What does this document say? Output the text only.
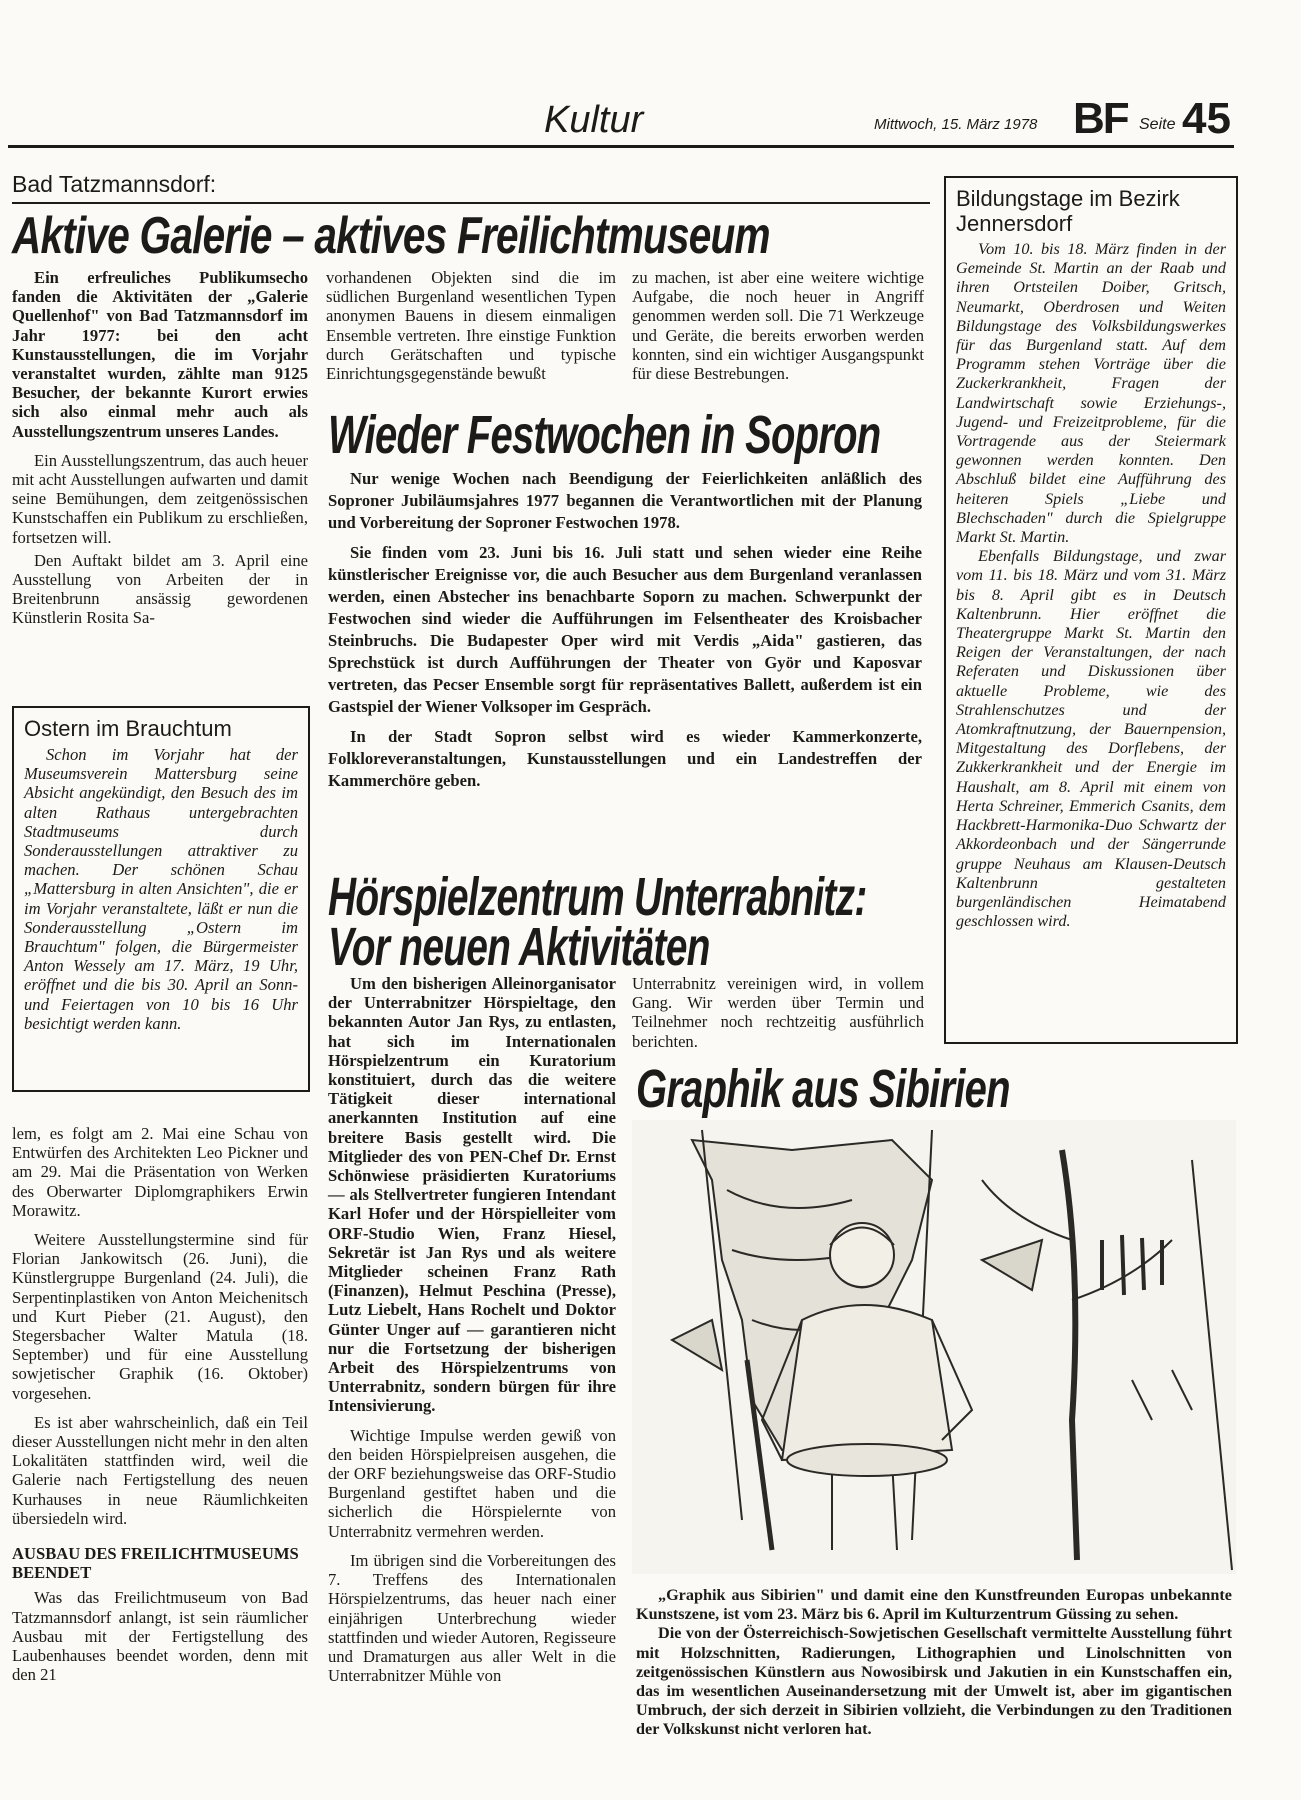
Kultur	Mittwoch, 15. März 1978 BF Seite 45
Bad Tatzmannsdorf:
Aktive Galerie – aktives Freilichtmuseum

Ein erfreuliches Publikumsecho fanden die Aktivitäten der „Galerie Quellenhof" von Bad Tatzmannsdorf im Jahr 1977: bei den acht Kunstausstellungen, die im Vorjahr veranstaltet wurden, zählte man 9125 Besucher, der bekannte Kurort erwies sich also einmal mehr auch als Ausstellungszentrum unseres Landes.

Ein Ausstellungszentrum, das auch heuer mit acht Ausstellungen aufwarten und damit seine Bemühungen, dem zeitgenössischen Kunstschaffen ein Publikum zu erschließen, fortsetzen will.

Den Auftakt bildet am 3. April eine Ausstellung von Arbeiten der in Breitenbrunn ansässig gewordenen Künstlerin Rosita Sa-

vorhandenen Objekten sind die im südlichen Burgenland wesentlichen Typen anonymen Bauens in diesem einmaligen Ensemble vertreten. Ihre einstige Funktion durch Gerätschaften und typische Einrichtungsgegenstände bewußt

zu machen, ist aber eine weitere wichtige Aufgabe, die noch heuer in Angriff genommen werden soll. Die 71 Werkzeuge und Geräte, die bereits erworben werden konnten, sind ein wichtiger Ausgangspunkt für diese Bestrebungen.

Ostern im Brauchtum

Schon im Vorjahr hat der Museumsverein Mattersburg seine Absicht angekündigt, den Besuch des im alten Rathaus untergebrachten Stadtmuseums durch Sonderausstellungen attraktiver zu machen. Der schönen Schau „Mattersburg in alten Ansichten", die er im Vorjahr veranstaltete, läßt er nun die Sonderausstellung „Ostern im Brauchtum" folgen, die Bürgermeister Anton Wessely am 17. März, 19 Uhr, eröffnet und die bis 30. April an Sonn- und Feiertagen von 10 bis 16 Uhr besichtigt werden kann.

lem, es folgt am 2. Mai eine Schau von Entwürfen des Architekten Leo Pickner und am 29. Mai die Präsentation von Werken des Oberwarter Diplomgraphikers Erwin Morawitz.

Weitere Ausstellungstermine sind für Florian Jankowitsch (26. Juni), die Künstlergruppe Burgenland (24. Juli), die Serpentinplastiken von Anton Meichenitsch und Kurt Pieber (21. August), den Stegersbacher Walter Matula (18. September) und für eine Ausstellung sowjetischer Graphik (16. Oktober) vorgesehen.

Es ist aber wahrscheinlich, daß ein Teil dieser Ausstellungen nicht mehr in den alten Lokalitäten stattfinden wird, weil die Galerie nach Fertigstellung des neuen Kurhauses in neue Räumlichkeiten übersiedeln wird.

AUSBAU DES FREILICHTMUSEUMS BEENDET

Was das Freilichtmuseum von Bad Tatzmannsdorf anlangt, ist sein räumlicher Ausbau mit der Fertigstellung des Laubenhauses beendet worden, denn mit den 21

Wieder Festwochen in Sopron

Nur wenige Wochen nach Beendigung der Feierlichkeiten anläßlich des Soproner Jubiläumsjahres 1977 begannen die Verantwortlichen mit der Planung und Vorbereitung der Soproner Festwochen 1978.

Sie finden vom 23. Juni bis 16. Juli statt und sehen wieder eine Reihe künstlerischer Ereignisse vor, die auch Besucher aus dem Burgenland veranlassen werden, einen Abstecher ins benachbarte Soporn zu machen. Schwerpunkt der Festwochen sind wieder die Aufführungen im Felsentheater des Kroisbacher Steinbruchs. Die Budapester Oper wird mit Verdis „Aida" gastieren, das Sprechstück ist durch Aufführungen der Theater von Györ und Kaposvar vertreten, das Pecser Ensemble sorgt für repräsentatives Ballett, außerdem ist ein Gastspiel der Wiener Volksoper im Gespräch.

In der Stadt Sopron selbst wird es wieder Kammerkonzerte, Folkloreveranstaltungen, Kunstausstellungen und ein Landestreffen der Kammerchöre geben.

Hörspielzentrum Unterrabnitz:
Vor neuen Aktivitäten

Um den bisherigen Alleinorganisator der Unterrabnitzer Hörspieltage, den bekannten Autor Jan Rys, zu entlasten, hat sich im Internationalen Hörspielzentrum ein Kuratorium konstituiert, durch das die weitere Tätigkeit dieser international anerkannten Institution auf eine breitere Basis gestellt wird. Die Mitglieder des von PEN-Chef Dr. Ernst Schönwiese präsidierten Kuratoriums — als Stellvertreter fungieren Intendant Karl Hofer und der Hörspielleiter vom ORF-Studio Wien, Franz Hiesel, Sekretär ist Jan Rys und als weitere Mitglieder scheinen Franz Rath (Finanzen), Helmut Peschina (Presse), Lutz Liebelt, Hans Rochelt und Doktor Günter Unger auf — garantieren nicht nur die Fortsetzung der bisherigen Arbeit des Hörspielzentrums von Unterrabnitz, sondern bürgen für ihre Intensivierung.

Wichtige Impulse werden gewiß von den beiden Hörspielpreisen ausgehen, die der ORF beziehungsweise das ORF-Studio Burgenland gestiftet haben und die sicherlich die Hörspielernte von Unterrabnitz vermehren werden.

Im übrigen sind die Vorbereitungen des 7. Treffens des Internationalen Hörspielzentrums, das heuer nach einer einjährigen Unterbrechung wieder stattfinden und wieder Autoren, Regisseure und Dramaturgen aus aller Welt in die Unterrabnitzer Mühle von

Unterrabnitz vereinigen wird, in vollem Gang. Wir werden über Termin und Teilnehmer noch rechtzeitig ausführlich berichten.

Bildungstage im Bezirk Jennersdorf

Vom 10. bis 18. März finden in der Gemeinde St. Martin an der Raab und ihren Ortsteilen Doiber, Gritsch, Neumarkt, Oberdrosen und Weiten Bildungstage des Volksbildungswerkes für das Burgenland statt. Auf dem Programm stehen Vorträge über die Zuckerkrankheit, Fragen der Landwirtschaft sowie Erziehungs-, Jugend- und Freizeitprobleme, für die Vortragende aus der Steiermark gewonnen werden konnten. Den Abschluß bildet eine Aufführung des heiteren Spiels „Liebe und Blechschaden" durch die Spielgruppe Markt St. Martin.

Ebenfalls Bildungstage, und zwar vom 11. bis 18. März und vom 31. März bis 8. April gibt es in Deutsch Kaltenbrunn. Hier eröffnet die Theatergruppe Markt St. Martin den Reigen der Veranstaltungen, der nach Referaten und Diskussionen über aktuelle Probleme, wie des Strahlenschutzes und der Atomkraftnutzung, der Bauernpension, Mitgestaltung des Dorflebens, der Zukkerkrankheit und der Energie im Haushalt, am 8. April mit einem von Herta Schreiner, Emmerich Csanits, dem Hackbrett-Harmonika-Duo Schwartz der Akkordeonbach und der Sängerrunde gruppe Neuhaus am Klausen-Deutsch Kaltenbrunn gestalteten burgenländischen Heimatabend geschlossen wird.

Graphik aus Sibirien

„Graphik aus Sibirien" und damit eine den Kunstfreunden Europas unbekannte Kunstszene, ist vom 23. März bis 6. April im Kulturzentrum Güssing zu sehen.

Die von der Österreichisch-Sowjetischen Gesellschaft vermittelte Ausstellung führt mit Holzschnitten, Radierungen, Lithographien und Linolschnitten von zeitgenössischen Künstlern aus Nowosibirsk und Jakutien in ein Kunstschaffen ein, das im wesentlichen Auseinandersetzung mit der Umwelt ist, aber im gigantischen Umbruch, der sich derzeit in Sibirien vollzieht, die Verbindungen zu den Traditionen der Volkskunst nicht verloren hat.
